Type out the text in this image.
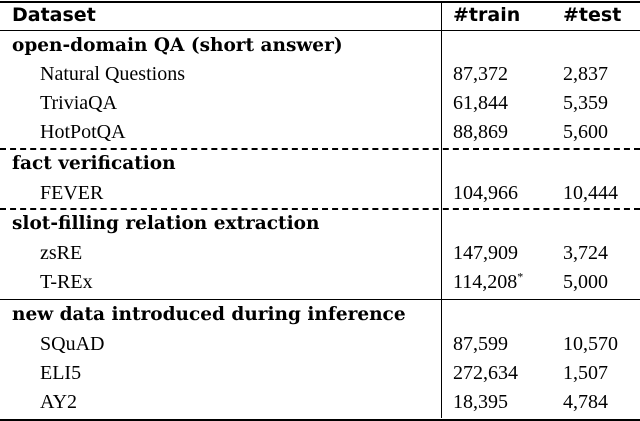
Dataset	#train #test
open-domain QA (short answer)
Natural Questions	87,372	2,837
TriviaQA	61,844	5,359
HotPotQA	88,869	5,600
fact verification
FEVER	104,966 10,444
slot-filling relation extraction
zsRE	147,909 3,724
T-REx	114,208* 5,000
new data introduced during inference
SQuAD	87,599	10,570
ELI5	272,634 1,507
AY2	18,395	4,784
